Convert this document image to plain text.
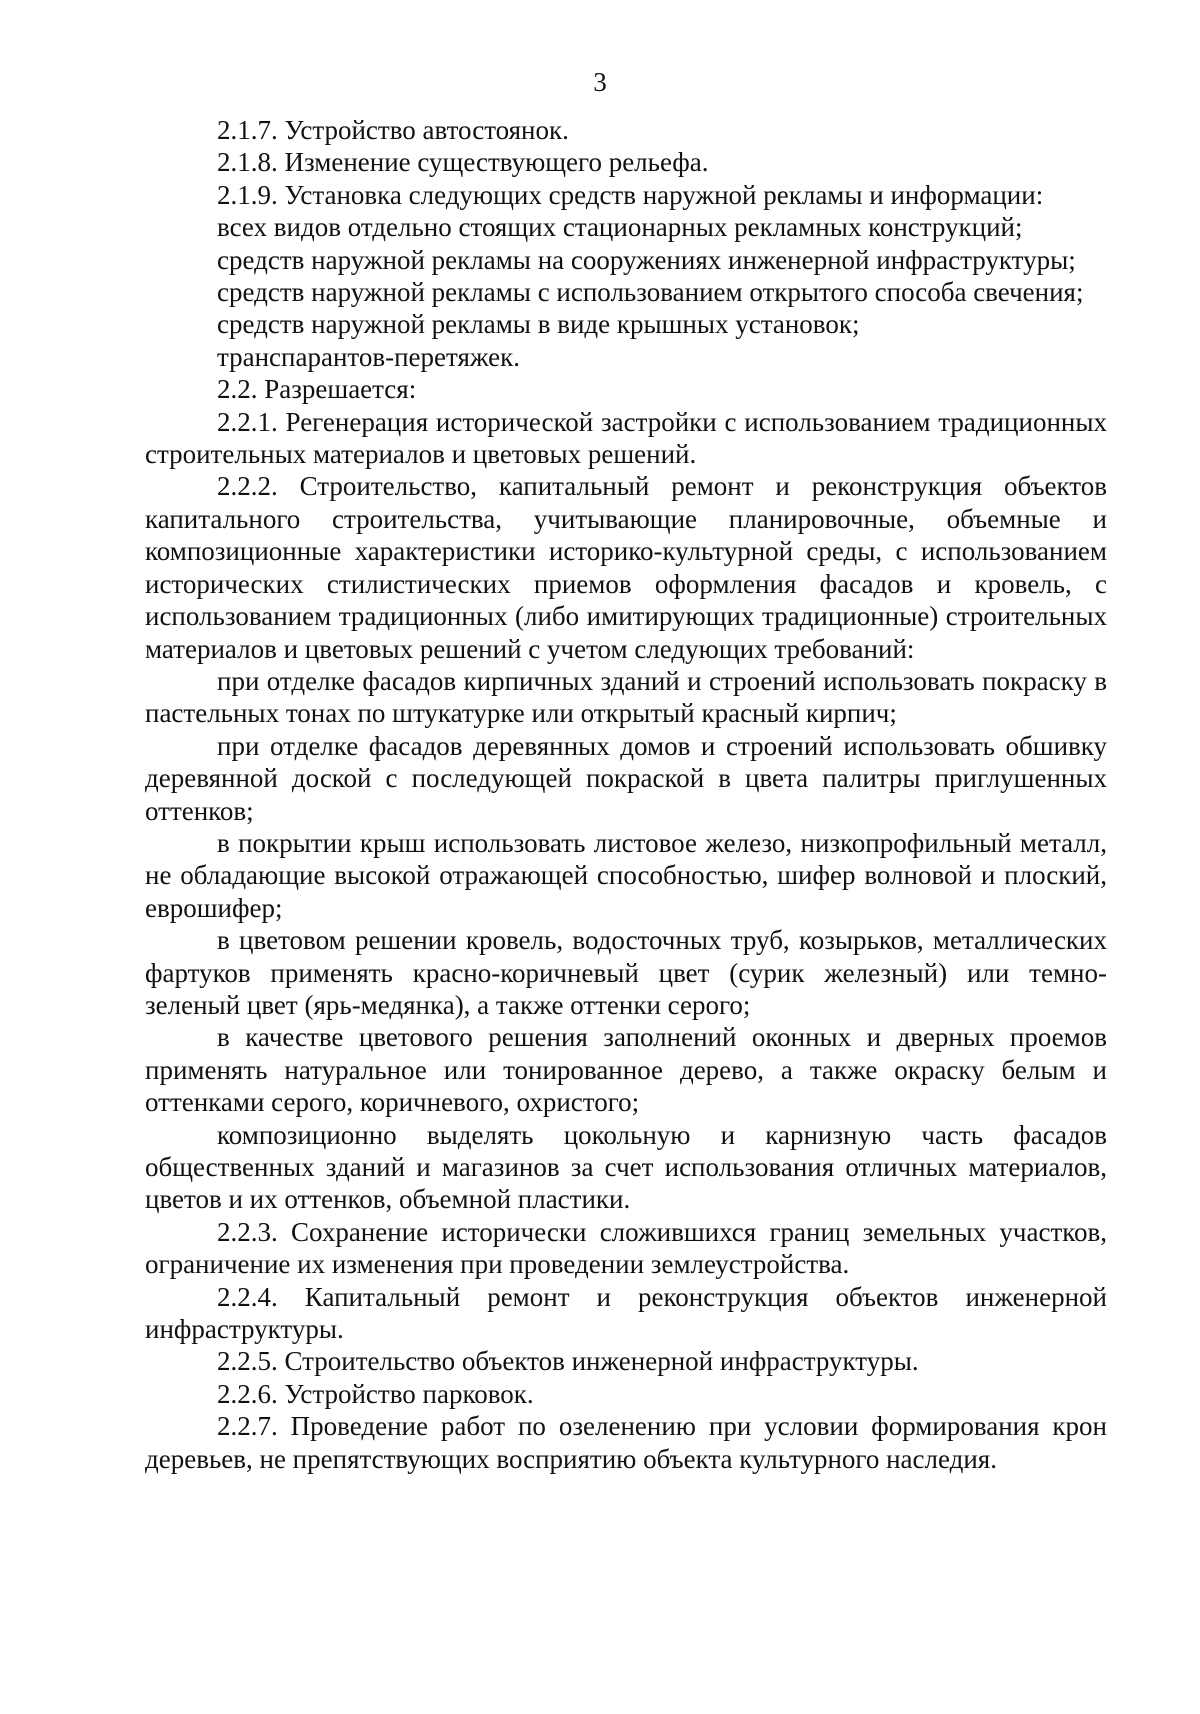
3

2.1.7. Устройство автостоянок.

2.1.8. Изменение существующего рельефа.

2.1.9. Установка следующих средств наружной рекламы и информации:

всех видов отдельно стоящих стационарных рекламных конструкций;

средств наружной рекламы на сооружениях инженерной инфраструктуры;

средств наружной рекламы с использованием открытого способа свечения;

средств наружной рекламы в виде крышных установок;

транспарантов-перетяжек.

2.2. Разрешается:

2.2.1. Регенерация исторической застройки с использованием традиционных строительных материалов и цветовых решений.

2.2.2. Строительство, капитальный ремонт и реконструкция объектов капитального строительства, учитывающие планировочные, объемные и композиционные характеристики историко-культурной среды, с использованием исторических стилистических приемов оформления фасадов и кровель, с использованием традиционных (либо имитирующих традиционные) строительных материалов и цветовых решений с учетом следующих требований:

при отделке фасадов кирпичных зданий и строений использовать покраску в пастельных тонах по штукатурке или открытый красный кирпич;

при отделке фасадов деревянных домов и строений использовать обшивку деревянной доской с последующей покраской в цвета палитры приглушенных оттенков;

в покрытии крыш использовать листовое железо, низкопрофильный металл, не обладающие высокой отражающей способностью, шифер волновой и плоский, еврошифер;

в цветовом решении кровель, водосточных труб, козырьков, металлических фартуков применять красно-коричневый цвет (сурик железный) или темно-зеленый цвет (ярь-медянка), а также оттенки серого;

в качестве цветового решения заполнений оконных и дверных проемов применять натуральное или тонированное дерево, а также окраску белым и оттенками серого, коричневого, охристого;

композиционно выделять цокольную и карнизную часть фасадов общественных зданий и магазинов за счет использования отличных материалов, цветов и их оттенков, объемной пластики.

2.2.3. Сохранение исторически сложившихся границ земельных участков, ограничение их изменения при проведении землеустройства.

2.2.4. Капитальный ремонт и реконструкция объектов инженерной инфраструктуры.

2.2.5. Строительство объектов инженерной инфраструктуры.

2.2.6. Устройство парковок.

2.2.7. Проведение работ по озеленению при условии формирования крон деревьев, не препятствующих восприятию объекта культурного наследия.
